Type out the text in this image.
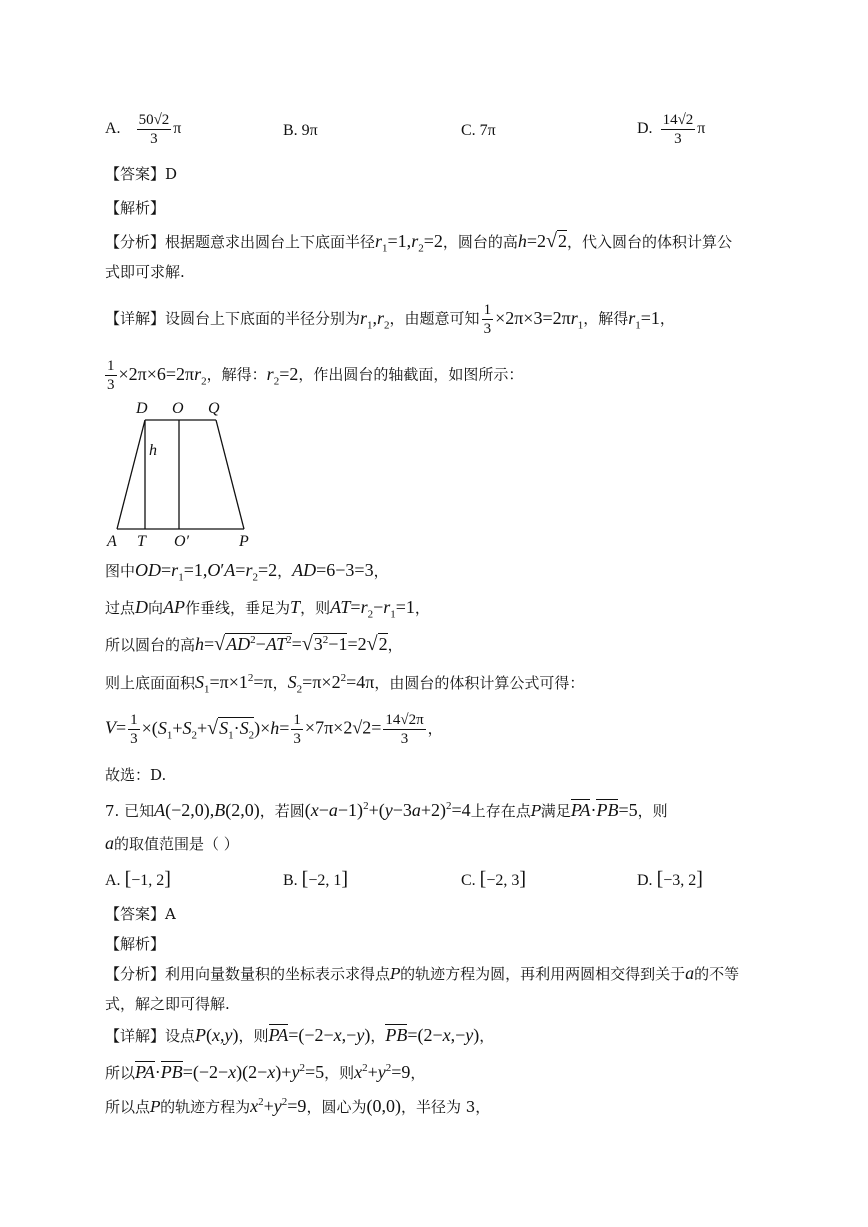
A. $\frac{50√2}{3}$ π	B. 9π	C. 7π	D. $\frac{14√2}{3}$ π
【答案】D
【解析】
【分析】根据题意求出圆台上下底面半径$r_1=1,r_2=2$，圆台的高h=2√2，代入圆台的体积计算公
式即可求解.
【详解】设圆台上下底面的半径分别为$r_1,r_2$，由题意可知 $\frac{1}{3} \times 2\pi\times 3=2\pi r_1$，解得$r_1=1$，
$\frac{1}{3} \times 2\pi\times 6=2\pi r_2$，解得：$r_2=2$，作出圆台的轴截面，如图所示：
D O Q
h
A T O′	P
图中$OD=r_1=1,O'A=r_2=2$，AD=6−3=3，
过点D向AP作垂线，垂足为T，则$AT=r_2-r_1=1$，
所以圆台的高$h=√AD^2-AT^2=√3^2-1=2√2$，
则上底面面积$S_1=\pi\times 1^2=\pi$，$S_2=\pi\times 2^2=4\pi$，由圆台的体积计算公式可得：
$V= \frac{1}{3} \times(S_1+S_2+√S_1\cdot S_2)\times h= \frac{1}{3} \times 7\pi\times 2√2= \frac{14√2\pi}{3}$ ，
故选：D.
7. 已知A(−2,0),B(2,0)，若圆$(x-a-1)^2+(y-3a+2)^2=4$上存在点P满足PA·PB=5，则
a的取值范围是（ ）
A. [−1, 2]	B. [−2, 1]	C. [−2, 3]	D. [−3, 2]
【答案】A
【解析】
【分析】利用向量数量积的坐标表示求得点P的轨迹方程为圆，再利用两圆相交得到关于a的不等
式，解之即可得解.
【详解】设点P(x,y)，则PA=(−2−x,−y)，PB=(2−x,−y)，
所以$PA\cdot PB=(-2-x)(2-x)+y^2=5$，则$x^2+y^2=9$，
所以点P的轨迹方程为$x^2+y^2=9$，圆心为(0,0)，半径为 3，
